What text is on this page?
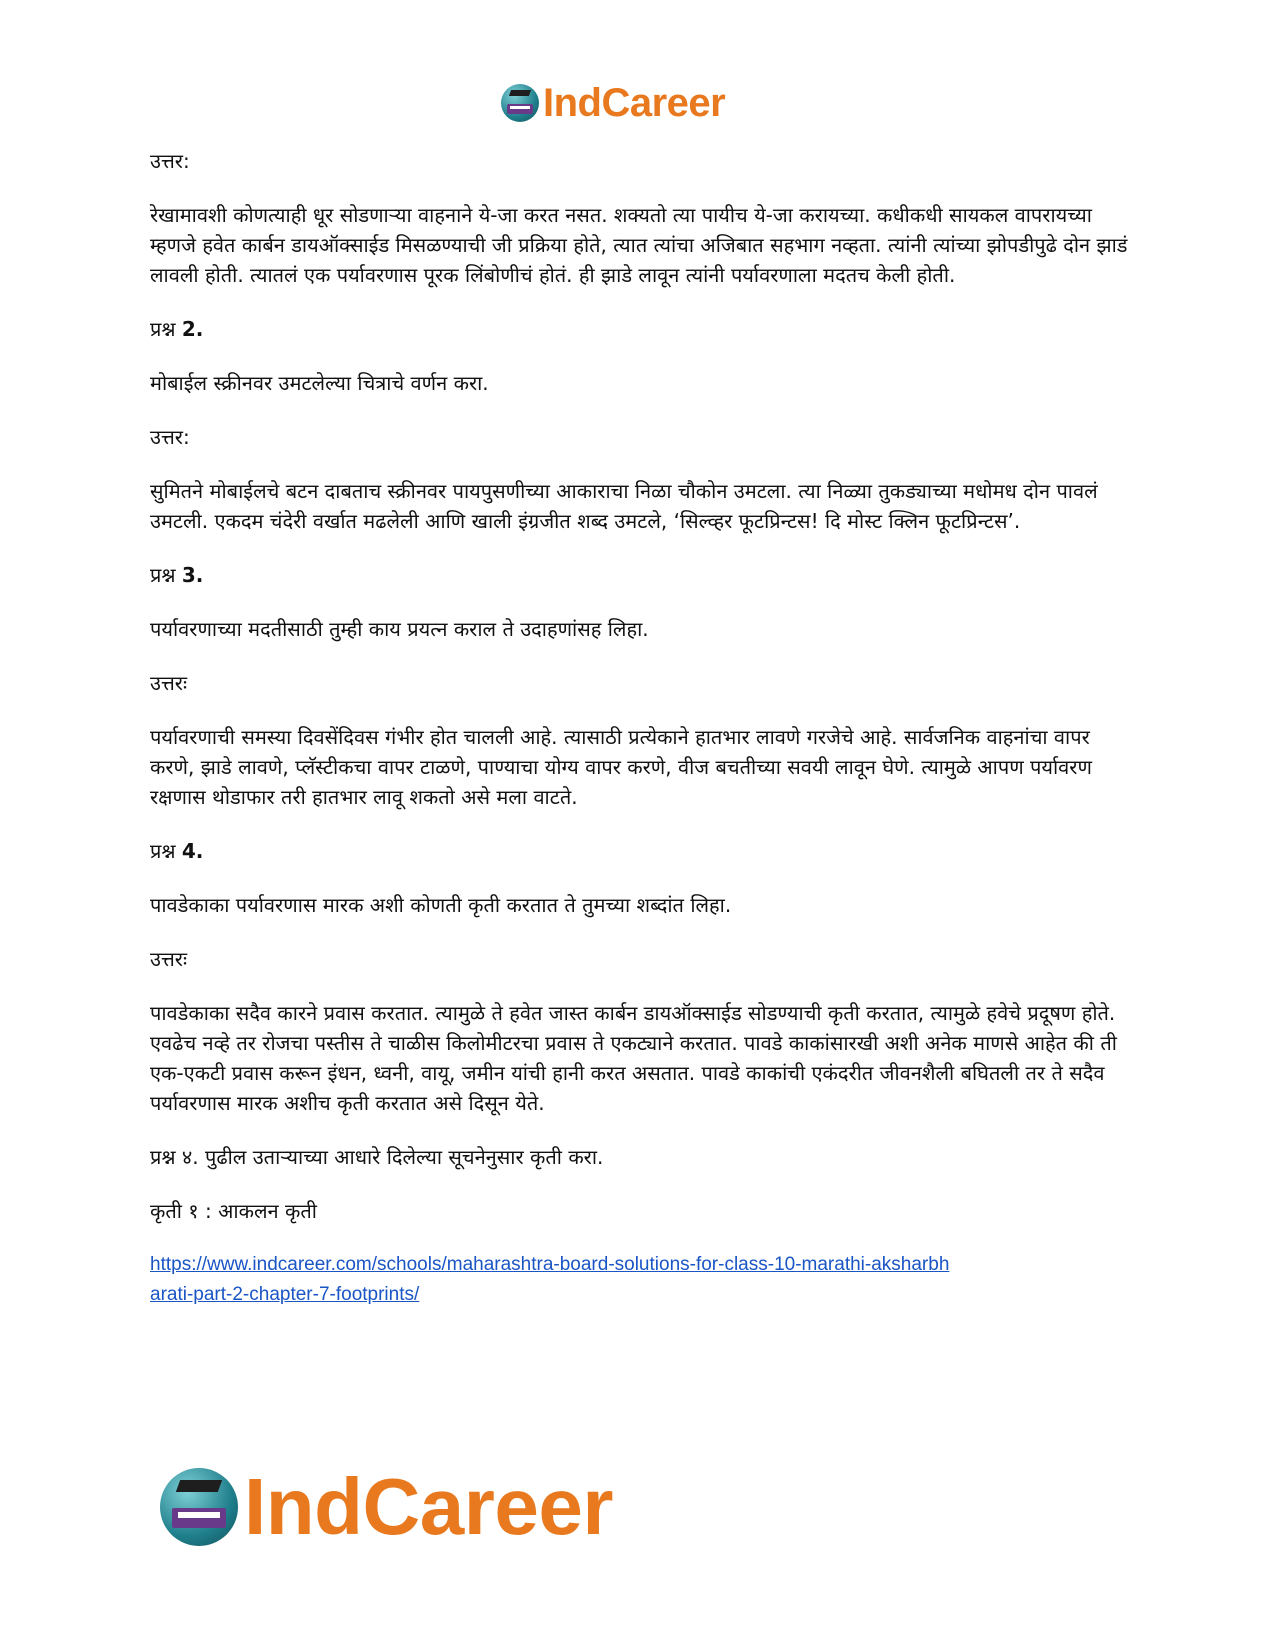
IndCareer

उत्तर:

रेखामावशी कोणत्याही धूर सोडणाऱ्या वाहनाने ये-जा करत नसत. शक्यतो त्या पायीच ये-जा करायच्या. कधीकधी सायकल वापरायच्या म्हणजे हवेत कार्बन डायऑक्साईड मिसळण्याची जी प्रक्रिया होते, त्यात त्यांचा अजिबात सहभाग नव्हता. त्यांनी त्यांच्या झोपडीपुढे दोन झाडं लावली होती. त्यातलं एक पर्यावरणास पूरक लिंबोणीचं होतं. ही झाडे लावून त्यांनी पर्यावरणाला मदतच केली होती.

प्रश्न 2.

मोबाईल स्क्रीनवर उमटलेल्या चित्राचे वर्णन करा.

उत्तर:

सुमितने मोबाईलचे बटन दाबताच स्क्रीनवर पायपुसणीच्या आकाराचा निळा चौकोन उमटला. त्या निळ्या तुकड्याच्या मधोमध दोन पावलं उमटली. एकदम चंदेरी वर्खात मढलेली आणि खाली इंग्रजीत शब्द उमटले, ‘सिल्व्हर फूटप्रिन्टस! दि मोस्ट क्लिन फूटप्रिन्टस’.

प्रश्न 3.

पर्यावरणाच्या मदतीसाठी तुम्ही काय प्रयत्न कराल ते उदाहणांसह लिहा.

उत्तरः

पर्यावरणाची समस्या दिवसेंदिवस गंभीर होत चालली आहे. त्यासाठी प्रत्येकाने हातभार लावणे गरजेचे आहे. सार्वजनिक वाहनांचा वापर करणे, झाडे लावणे, प्लॅस्टीकचा वापर टाळणे, पाण्याचा योग्य वापर करणे, वीज बचतीच्या सवयी लावून घेणे. त्यामुळे आपण पर्यावरण रक्षणास थोडाफार तरी हातभार लावू शकतो असे मला वाटते.

प्रश्न 4.

पावडेकाका पर्यावरणास मारक अशी कोणती कृती करतात ते तुमच्या शब्दांत लिहा.

उत्तरः

पावडेकाका सदैव कारने प्रवास करतात. त्यामुळे ते हवेत जास्त कार्बन डायऑक्साईड सोडण्याची कृती करतात, त्यामुळे हवेचे प्रदूषण होते. एवढेच नव्हे तर रोजचा पस्तीस ते चाळीस किलोमीटरचा प्रवास ते एकट्याने करतात. पावडे काकांसारखी अशी अनेक माणसे आहेत की ती एक-एकटी प्रवास करून इंधन, ध्वनी, वायू, जमीन यांची हानी करत असतात. पावडे काकांची एकंदरीत जीवनशैली बघितली तर ते सदैव पर्यावरणास मारक अशीच कृती करतात असे दिसून येते.

प्रश्न ४. पुढील उताऱ्याच्या आधारे दिलेल्या सूचनेनुसार कृती करा.

कृती १ : आकलन कृती

https://www.indcareer.com/schools/maharashtra-board-solutions-for-class-10-marathi-aksharbh
arati-part-2-chapter-7-footprints/
IndCareer
